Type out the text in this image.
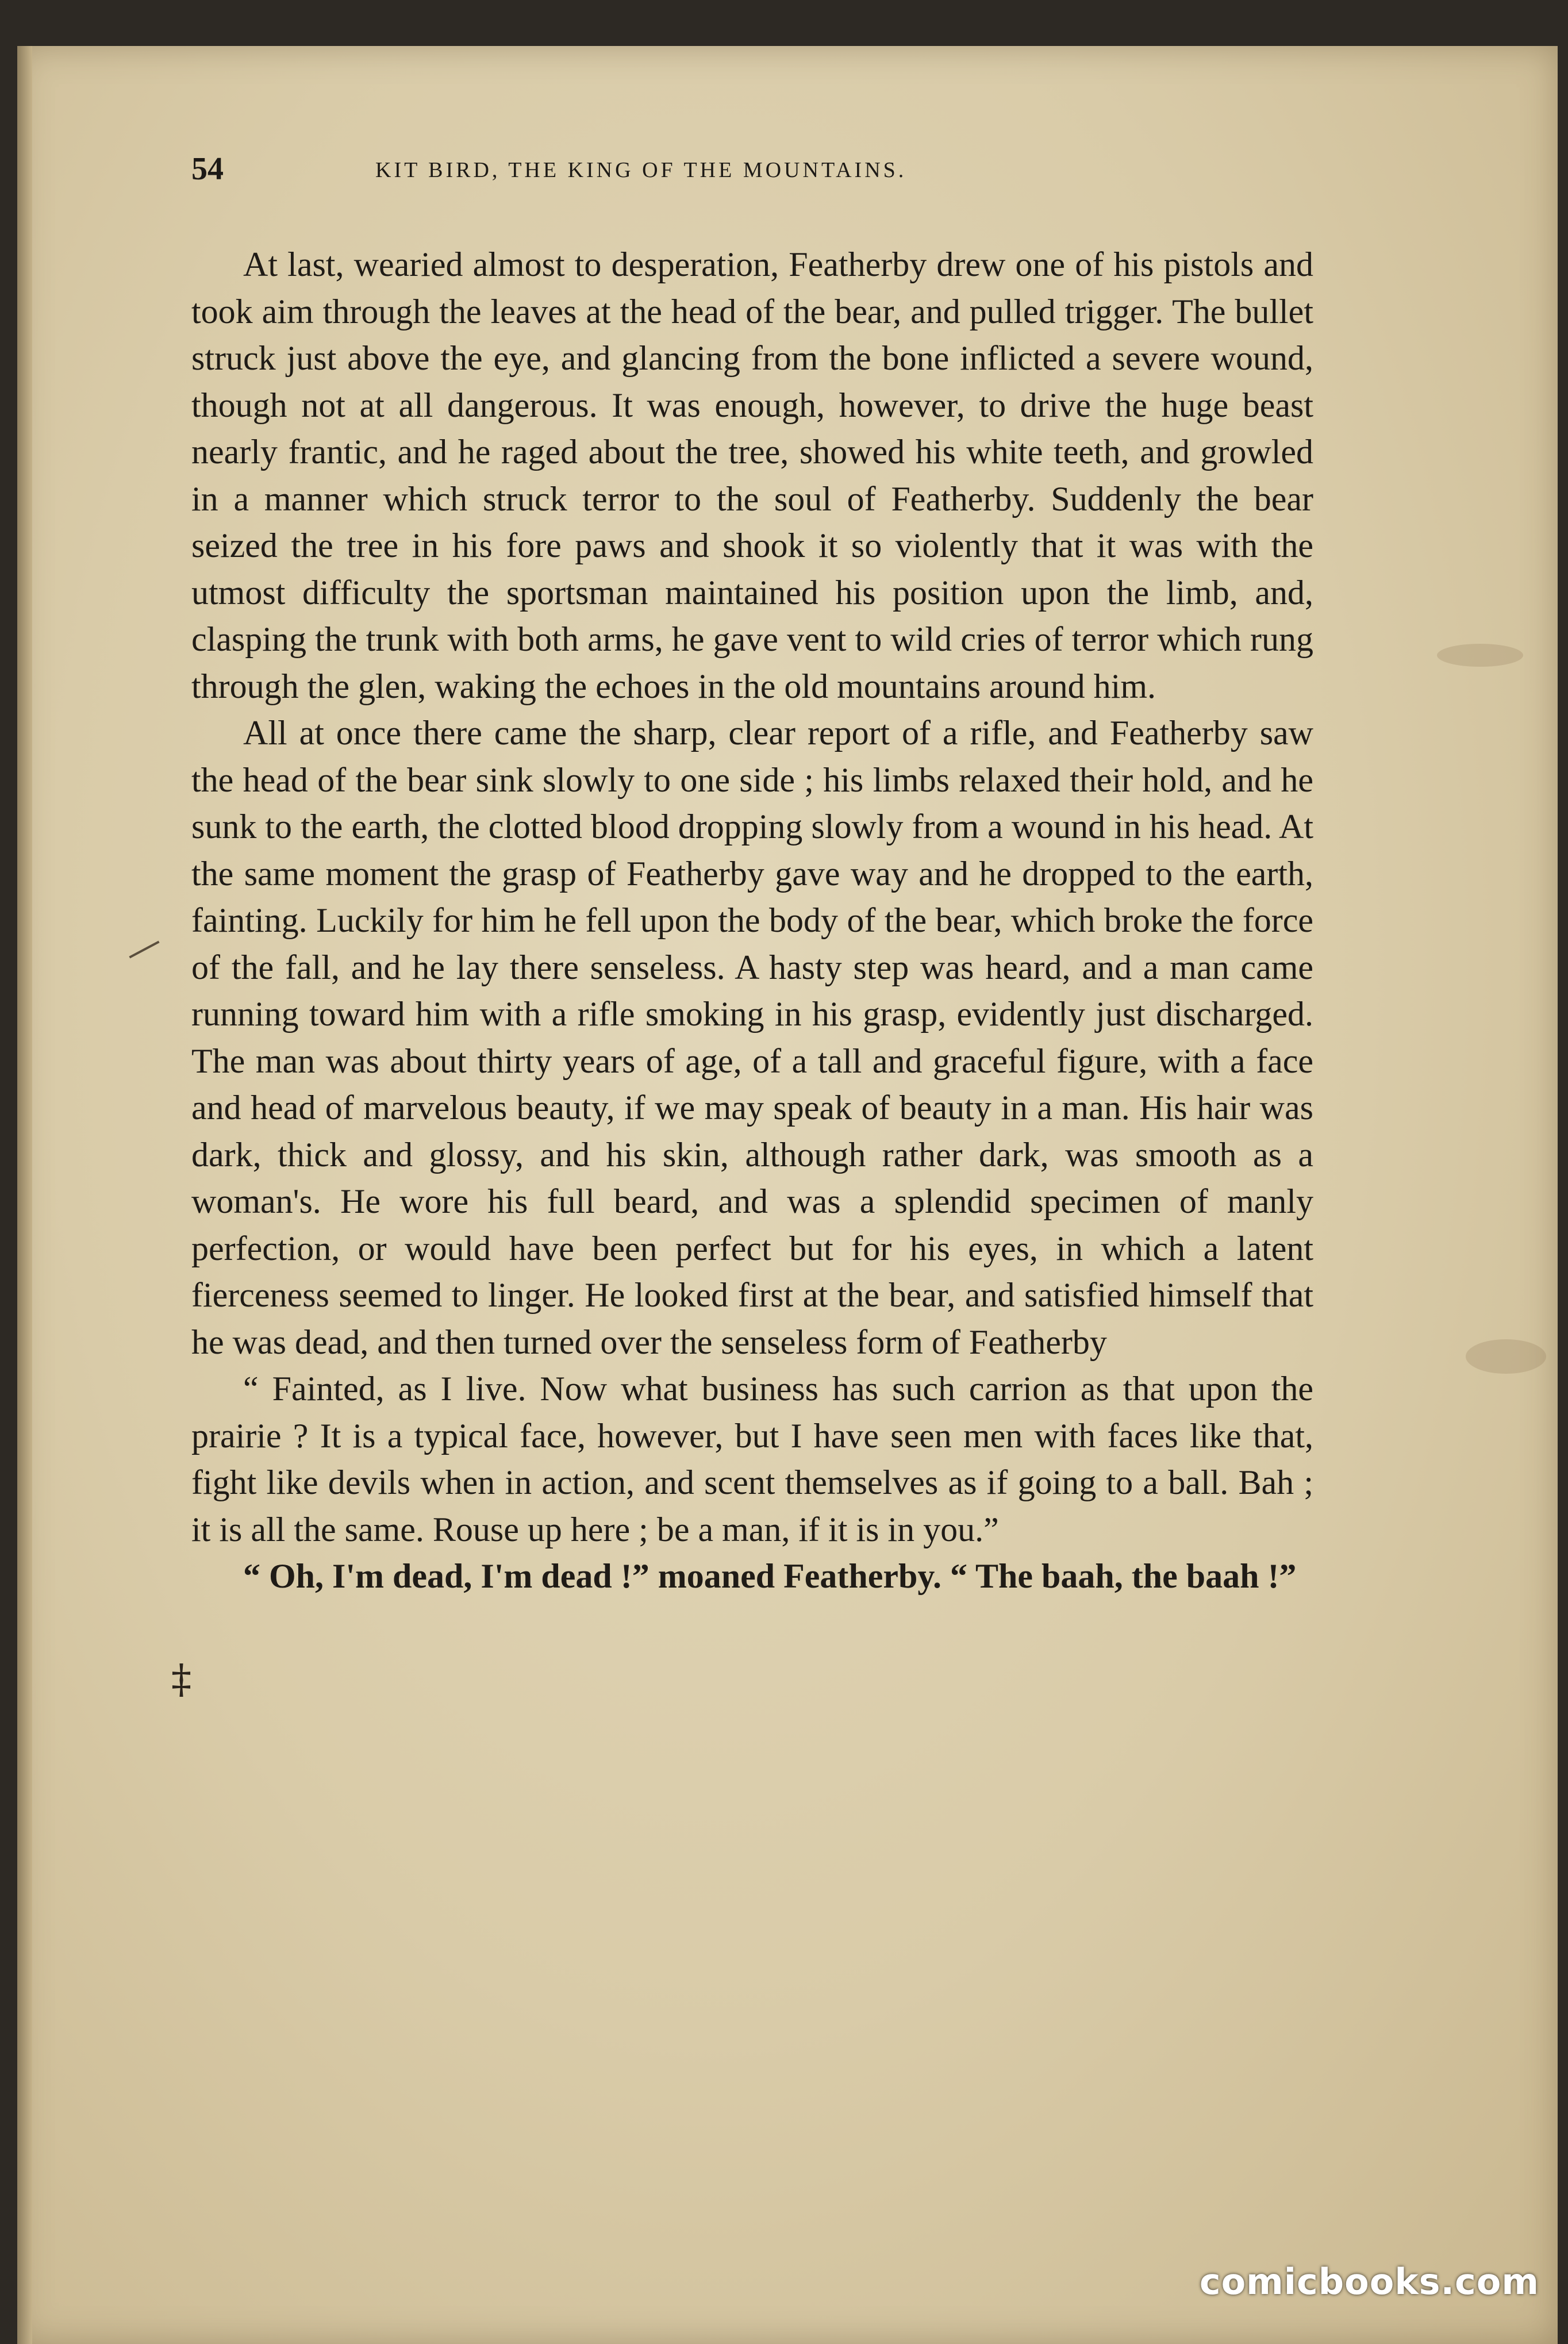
54	KIT BIRD, THE KING OF THE MOUNTAINS.

At last, wearied almost to desperation, Featherby drew one of his pistols and took aim through the leaves at the head of the bear, and pulled trigger. The bullet struck just above the eye, and glancing from the bone inflicted a severe wound, though not at all dangerous. It was enough, however, to drive the huge beast nearly frantic, and he raged about the tree, showed his white teeth, and growled in a manner which struck terror to the soul of Featherby. Suddenly the bear seized the tree in his fore paws and shook it so violently that it was with the utmost difficulty the sportsman maintained his position upon the limb, and, clasping the trunk with both arms, he gave vent to wild cries of terror which rung through the glen, waking the echoes in the old mountains around him.

All at once there came the sharp, clear report of a rifle, and Featherby saw the head of the bear sink slowly to one side ; his limbs relaxed their hold, and he sunk to the earth, the clotted blood dropping slowly from a wound in his head. At the same moment the grasp of Featherby gave way and he dropped to the earth, fainting. Luckily for him he fell upon the body of the bear, which broke the force of the fall, and he lay there senseless. A hasty step was heard, and a man came running toward him with a rifle smoking in his grasp, evidently just discharged. The man was about thirty years of age, of a tall and graceful figure, with a face and head of marvelous beauty, if we may speak of beauty in a man. His hair was dark, thick and glossy, and his skin, although rather dark, was smooth as a woman's. He wore his full beard, and was a splendid specimen of manly perfection, or would have been perfect but for his eyes, in which a latent fierceness seemed to linger. He looked first at the bear, and satisfied himself that he was dead, and then turned over the senseless form of Featherby

“ Fainted, as I live. Now what business has such carrion as that upon the prairie ? It is a typical face, however, but I have seen men with faces like that, fight like devils when in action, and scent themselves as if going to a ball. Bah ; it is all the same. Rouse up here ; be a man, if it is in you.”

“ Oh, I'm dead, I'm dead !” moaned Featherby. “ The baah, the baah !”

‡
comicbooks.com
